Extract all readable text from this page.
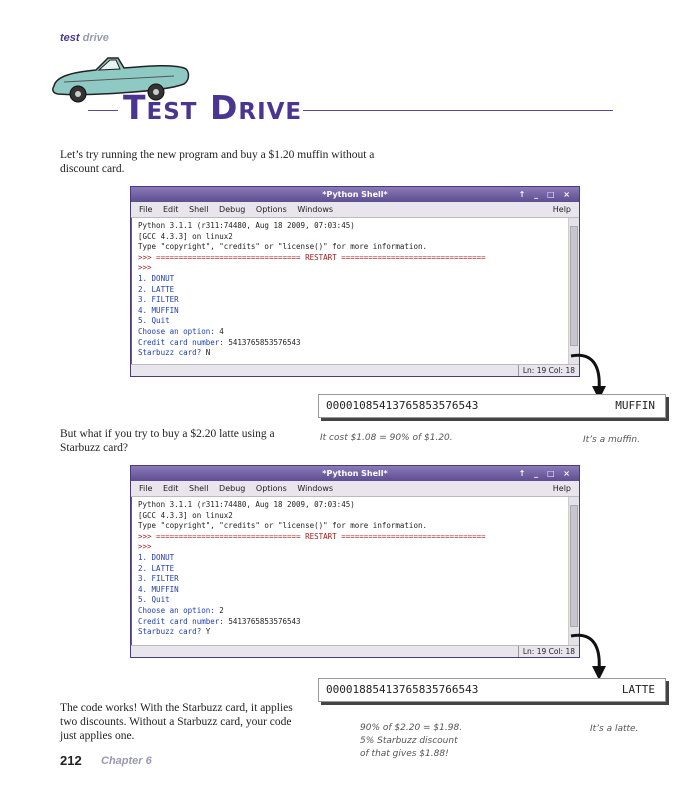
test drive
Test Drive
Let’s try running the new program and buy a $1.20 muffin without a discount card.
*Python Shell*	↑ _ □ ×
File Edit Shell Debug Options Windows	Help
Python 3.1.1 (r311:74480, Aug 18 2009, 07:03:45)
[GCC 4.3.3] on linux2
Type "copyright", "credits" or "license()" for more information.
>>> ================================ RESTART ================================
>>>
1. DONUT
2. LATTE
3. FILTER
4. MUFFIN
5. Quit
Choose an option: 4
Credit card number: 5413765853576543
Starbuzz card? N
Ln: 19 Col: 18
00001085413765853576543	MUFFIN
It cost $1.08 = 90% of $1.20.	It’s a muffin.
But what if you try to buy a $2.20 latte using a Starbuzz card?
*Python Shell*	↑ _ □ ×
File Edit Shell Debug Options Windows	Help
Python 3.1.1 (r311:74480, Aug 18 2009, 07:03:45)
[GCC 4.3.3] on linux2
Type "copyright", "credits" or "license()" for more information.
>>> ================================ RESTART ================================
>>>
1. DONUT
2. LATTE
3. FILTER
4. MUFFIN
5. Quit
Choose an option: 2
Credit card number: 5413765853576543
Starbuzz card? Y
Ln: 19 Col: 18
00001885413765835766543	LATTE
The code works! With the Starbuzz card, it applies two discounts. Without a Starbuzz card, your code just applies one.
90% of $2.20 = $1.98.
5% Starbuzz discount
of that gives $1.88!
It’s a latte.
212 Chapter 6
